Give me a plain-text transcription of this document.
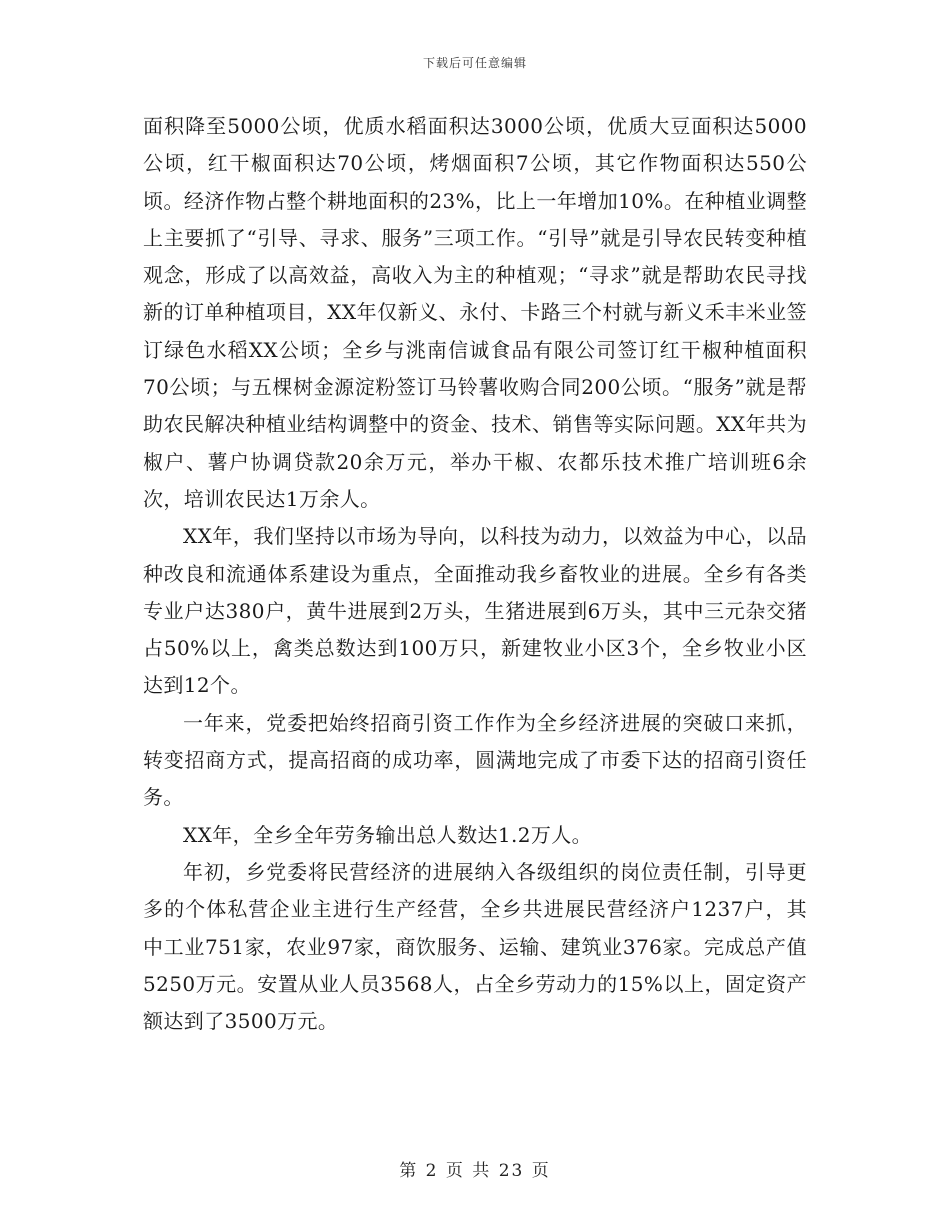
下载后可任意编辑

面积降至5000公顷，优质水稻面积达3000公顷，优质大豆面积达5000公顷，红干椒面积达70公顷，烤烟面积7公顷，其它作物面积达550公顷。经济作物占整个耕地面积的23%，比上一年增加10%。在种植业调整上主要抓了“引导、寻求、服务”三项工作。“引导”就是引导农民转变种植观念，形成了以高效益，高收入为主的种植观；“寻求”就是帮助农民寻找新的订单种植项目，XX年仅新义、永付、卡路三个村就与新义禾丰米业签订绿色水稻XX公顷；全乡与洮南信诚食品有限公司签订红干椒种植面积70公顷；与五棵树金源淀粉签订马铃薯收购合同200公顷。“服务”就是帮助农民解决种植业结构调整中的资金、技术、销售等实际问题。XX年共为椒户、薯户协调贷款20余万元，举办干椒、农都乐技术推广培训班6余次，培训农民达1万余人。

XX年，我们坚持以市场为导向，以科技为动力，以效益为中心，以品种改良和流通体系建设为重点，全面推动我乡畜牧业的进展。全乡有各类专业户达380户，黄牛进展到2万头，生猪进展到6万头，其中三元杂交猪占50%以上，禽类总数达到100万只，新建牧业小区3个，全乡牧业小区达到12个。

一年来，党委把始终招商引资工作作为全乡经济进展的突破口来抓，转变招商方式，提高招商的成功率，圆满地完成了市委下达的招商引资任务。

XX年，全乡全年劳务输出总人数达1.2万人。

年初，乡党委将民营经济的进展纳入各级组织的岗位责任制，引导更多的个体私营企业主进行生产经营，全乡共进展民营经济户1237户，其中工业751家，农业97家，商饮服务、运输、建筑业376家。完成总产值5250万元。安置从业人员3568人，占全乡劳动力的15%以上，固定资产额达到了3500万元。

第 2 页 共 23 页
